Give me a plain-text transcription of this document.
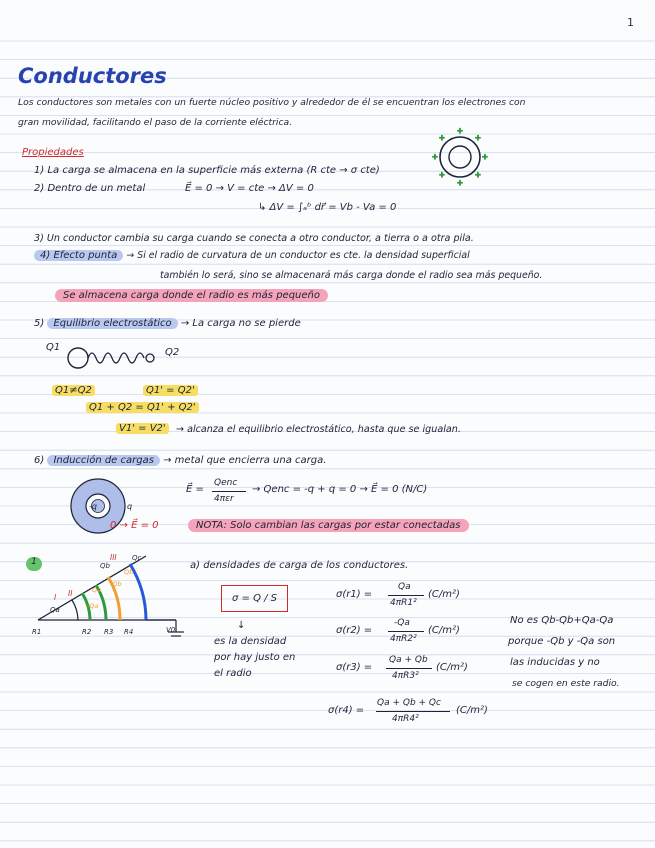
1
Conductores
Los conductores son metales con un fuerte núcleo positivo y alrededor de él se encuentran los electrones con
gran movilidad, facilitando el paso de la corriente eléctrica.
Propiedades
1) La carga se almacena en la superficie más externa (R cte → σ cte)
+
+
+
+
+
+
+
+
2) Dentro de un metal	E⃗ = 0 → V = cte → ΔV = 0
↳ ΔV = ∫ₐᵇ dr⃗ = Vb - Va = 0
3) Un conductor cambia su carga cuando se conecta a otro conductor, a tierra o a otra pila.
4) Efecto punta → Si el radio de curvatura de un conductor es cte. la densidad superficial
también lo será, sino se almacenará más carga donde el radio sea más pequeño.
Se almacena carga donde el radio es más pequeño
5) Equilibrio electrostático → La carga no se pierde
Q1	Q2
Q1≠Q2	Q1' = Q2'
Q1 + Q2 = Q1' + Q2'
V1' = V2'	→ alcanza el equilibrio electrostático, hasta que se igualan.
6) Inducción de cargas → metal que encierra una carga.
-q	q
0 → E⃗ = 0
E⃗ =
Qenc
4πεr
→ Qenc = -q + q = 0 → E⃗ = 0 (N/C)
NOTA: Solo cambian las cargas por estar conectadas
1
I II
III
Qa
Qb
Qc
-Qa
Qa
-Qb
Qb
V0
R1	R2 R3 R4
a) densidades de carga de los conductores.
σ = Q / S
↓
es la densidad
por hay justo en
el radio
σ(r1) =
Qa
4πR1²
(C/m²)
σ(r2) =
-Qa
4πR2²
(C/m²)
σ(r3) =
Qa + Qb
4πR3²
(C/m²)
σ(r4) =
Qa + Qb + Qc
4πR4²
(C/m²)
No es Qb-Qb+Qa-Qa
porque -Qb y -Qa son
las inducidas y no
se cogen en este radio.
